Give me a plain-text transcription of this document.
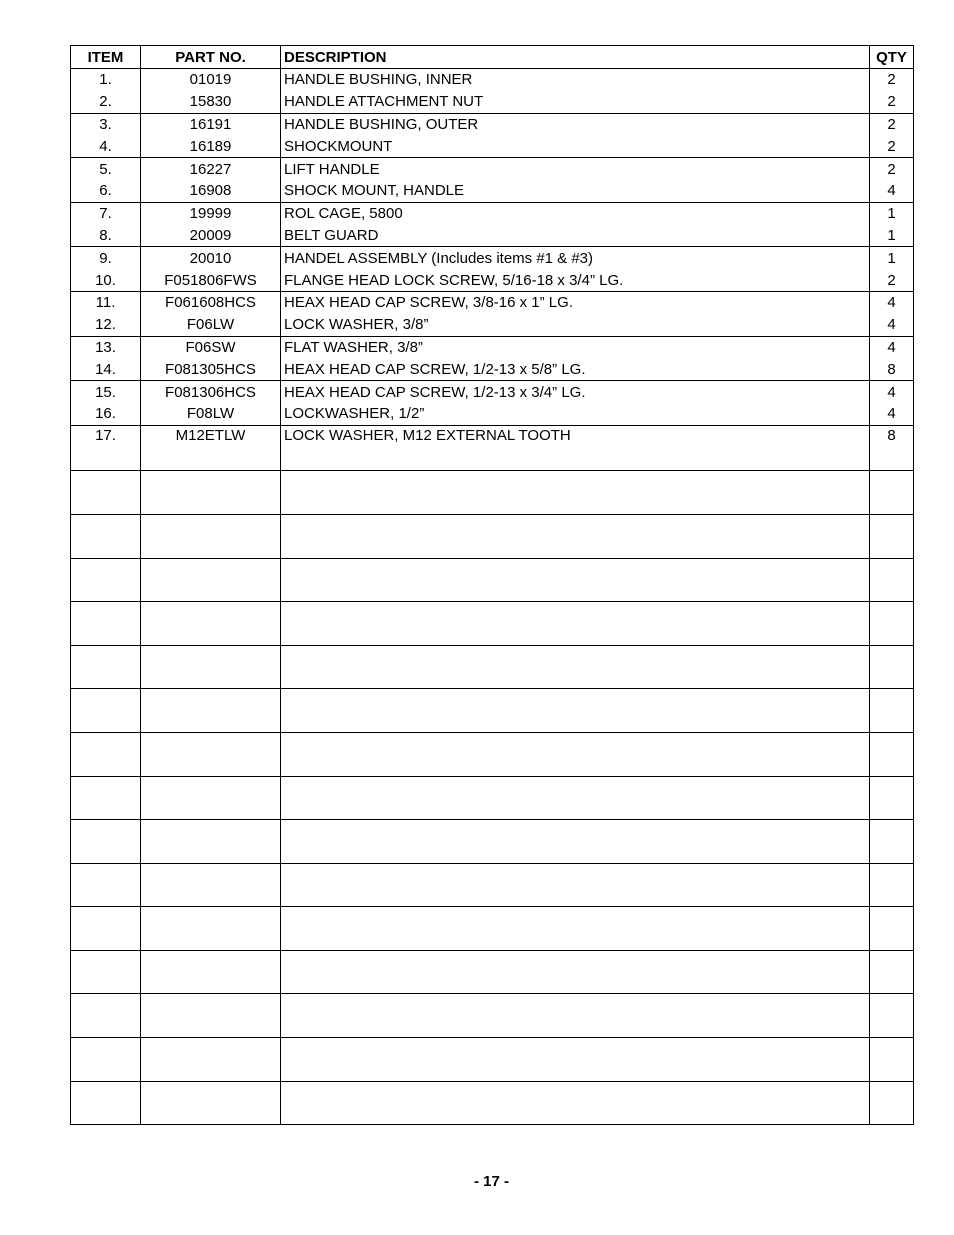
ITEM	PART NO.	DESCRIPTION	QTY
1.	01019	HANDLE BUSHING, INNER	2
2.	15830	HANDLE ATTACHMENT NUT	2
3.	16191	HANDLE BUSHING, OUTER	2
4.	16189	SHOCKMOUNT	2
5.	16227	LIFT HANDLE	2
6.	16908	SHOCK MOUNT, HANDLE	4
7.	19999	ROL CAGE, 5800	1
8.	20009	BELT GUARD	1
9.	20010	HANDEL ASSEMBLY (Includes items #1 & #3)	1
10.	F051806FWS	FLANGE HEAD LOCK SCREW, 5/16-18 x 3/4” LG.	2
11.	F061608HCS	HEAX HEAD CAP SCREW, 3/8-16 x 1” LG.	4
12.	F06LW	LOCK WASHER, 3/8”	4
13.	F06SW	FLAT WASHER, 3/8”	4
14.	F081305HCS	HEAX HEAD CAP SCREW, 1/2-13 x 5/8” LG.	8
15.	F081306HCS	HEAX HEAD CAP SCREW, 1/2-13 x 3/4” LG.	4
16.	F08LW	LOCKWASHER, 1/2”	4
17.	M12ETLW	LOCK WASHER, M12 EXTERNAL TOOTH	8

- 17 -
